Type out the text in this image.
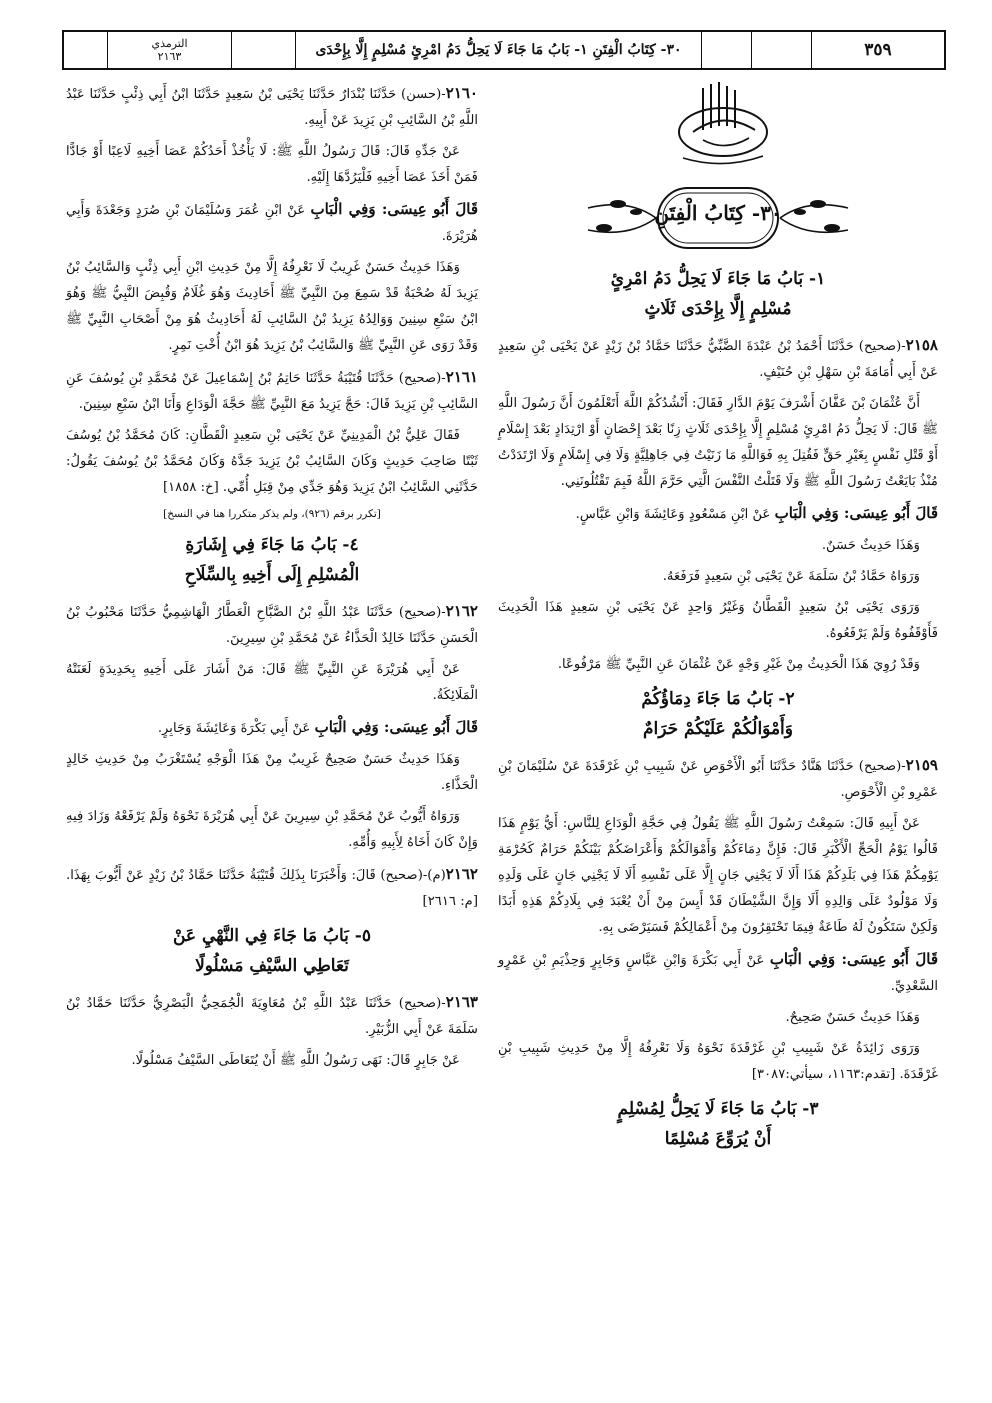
الترمذي
٢١٦٣	٣٠- كِتَابُ الْفِتَنِ ١- بَابُ مَا جَاءَ لَا يَحِلُّ دَمُ امْرِئٍ مُسْلِمٍ إِلَّا بِإِحْدَى	٣٥٩
٣٠- كِتَابُ الْفِتَنِ
١- بَابُ مَا جَاءَ لَا يَحِلُّ دَمُ امْرِئٍ
مُسْلِمٍ إِلَّا بِإِحْدَى ثَلَاثٍ

٢١٥٨-(صحيح) حَدَّثَنَا أَحْمَدُ بْنُ عَبْدَةَ الضَّبِّيُّ حَدَّثَنَا حَمَّادُ بْنُ زَيْدٍ عَنْ يَحْيَى بْنِ سَعِيدٍ عَنْ أَبِي أُمَامَةَ بْنِ سَهْلِ بْنِ حُنَيْفٍ.

أَنَّ عُثْمَانَ بْنَ عَفَّانَ أَشْرَفَ يَوْمَ الدَّارِ فَقَالَ: أَنْشُدُكُمْ اللَّهَ أَتَعْلَمُونَ أَنَّ رَسُولَ اللَّهِ ﷺ قَالَ: لَا يَحِلُّ دَمُ امْرِئٍ مُسْلِمٍ إِلَّا بِإِحْدَى ثَلَاثٍ زِنًا بَعْدَ إِحْصَانٍ أَوْ ارْتِدَادٍ بَعْدَ إِسْلَامٍ أَوْ قَتْلِ نَفْسٍ بِغَيْرِ حَقٍّ فَقُتِلَ بِهِ فَوَاللَّهِ مَا زَنَيْتُ فِي جَاهِلِيَّةٍ وَلَا فِي إِسْلَامٍ وَلَا ارْتَدَدْتُ مُنْذُ بَايَعْتُ رَسُولَ اللَّهِ ﷺ وَلَا قَتَلْتُ النَّفْسَ الَّتِي حَرَّمَ اللَّهُ فَبِمَ تَقْتُلُونَنِي.

قَالَ أَبُو عِيسَى: وَفِي الْبَابِ عَنْ ابْنِ مَسْعُودٍ وَعَائِشَةَ وَابْنِ عَبَّاسٍ.

وَهَذَا حَدِيثٌ حَسَنٌ.

وَرَوَاهُ حَمَّادُ بْنُ سَلَمَةَ عَنْ يَحْيَى بْنِ سَعِيدٍ فَرَفَعَهُ.

وَرَوَى يَحْيَى بْنُ سَعِيدٍ الْقَطَّانُ وَغَيْرُ وَاحِدٍ عَنْ يَحْيَى بْنِ سَعِيدٍ هَذَا الْحَدِيثَ فَأَوْقَفُوهُ وَلَمْ يَرْفَعُوهُ.

وَقَدْ رُوِيَ هَذَا الْحَدِيثُ مِنْ غَيْرِ وَجْهٍ عَنْ عُثْمَانَ عَنِ النَّبِيِّ ﷺ مَرْفُوعًا.

٢- بَابُ مَا جَاءَ دِمَاؤُكُمْ
وَأَمْوَالُكُمْ عَلَيْكُمْ حَرَامٌ

٢١٥٩-(صحيح) حَدَّثَنَا هَنَّادٌ حَدَّثَنَا أَبُو الْأَحْوَصِ عَنْ شَبِيبِ بْنِ غَرْقَدَةَ عَنْ سُلَيْمَانَ بْنِ عَمْرِو بْنِ الْأَحْوَصِ.

عَنْ أَبِيهِ قَالَ: سَمِعْتُ رَسُولَ اللَّهِ ﷺ يَقُولُ فِي حَجَّةِ الْوَدَاعِ لِلنَّاسِ: أَيُّ يَوْمٍ هَذَا قَالُوا يَوْمُ الْحَجِّ الْأَكْبَرِ قَالَ: فَإِنَّ دِمَاءَكُمْ وَأَمْوَالَكُمْ وَأَعْرَاضَكُمْ بَيْنَكُمْ حَرَامٌ كَحُرْمَةِ يَوْمِكُمْ هَذَا فِي بَلَدِكُمْ هَذَا أَلَا لَا يَجْنِي جَانٍ إِلَّا عَلَى نَفْسِهِ أَلَا لَا يَجْنِي جَانٍ عَلَى وَلَدِهِ وَلَا مَوْلُودٌ عَلَى وَالِدِهِ أَلَا وَإِنَّ الشَّيْطَانَ قَدْ أَيِسَ مِنْ أَنْ يُعْبَدَ فِي بِلَادِكُمْ هَذِهِ أَبَدًا وَلَكِنْ سَتَكُونُ لَهُ طَاعَةٌ فِيمَا تَحْتَقِرُونَ مِنْ أَعْمَالِكُمْ فَسَيَرْضَى بِهِ.

قَالَ أَبُو عِيسَى: وَفِي الْبَابِ عَنْ أَبِي بَكْرَةَ وَابْنِ عَبَّاسٍ وَجَابِرٍ وَحِذْيَمِ بْنِ عَمْرٍو السَّعْدِيِّ.

وَهَذَا حَدِيثٌ حَسَنٌ صَحِيحٌ.

وَرَوَى زَائِدَةُ عَنْ شَبِيبِ بْنِ غَرْقَدَةَ نَحْوَهُ وَلَا نَعْرِفُهُ إِلَّا مِنْ حَدِيثِ شَبِيبِ بْنِ غَرْقَدَةَ. [تقدم:١١٦٣، سيأتي:٣٠٨٧]

٣- بَابُ مَا جَاءَ لَا يَحِلُّ لِمُسْلِمٍ
أَنْ يُرَوِّعَ مُسْلِمًا

٢١٦٠-(حسن) حَدَّثَنَا بُنْدَارٌ حَدَّثَنَا يَحْيَى بْنُ سَعِيدٍ حَدَّثَنَا ابْنُ أَبِي ذِئْبٍ حَدَّثَنَا عَبْدُ اللَّهِ بْنُ السَّائِبِ بْنِ يَزِيدَ عَنْ أَبِيهِ.

عَنْ جَدِّهِ قَالَ: قَالَ رَسُولُ اللَّهِ ﷺ: لَا يَأْخُذْ أَحَدُكُمْ عَصَا أَخِيهِ لَاعِبًا أَوْ جَادًّا فَمَنْ أَخَذَ عَصَا أَخِيهِ فَلْيَرُدَّهَا إِلَيْهِ.

قَالَ أَبُو عِيسَى: وَفِي الْبَابِ عَنْ ابْنِ عُمَرَ وَسُلَيْمَانَ بْنِ صُرَدٍ وَجَعْدَةَ وَأَبِي هُرَيْرَةَ.

وَهَذَا حَدِيثٌ حَسَنٌ غَرِيبٌ لَا نَعْرِفُهُ إِلَّا مِنْ حَدِيثِ ابْنِ أَبِي ذِئْبٍ وَالسَّائِبُ بْنُ يَزِيدَ لَهُ صُحْبَةٌ قَدْ سَمِعَ مِنَ النَّبِيِّ ﷺ أَحَادِيثَ وَهُوَ غُلَامٌ وَقُبِضَ النَّبِيُّ ﷺ وَهُوَ ابْنُ سَبْعِ سِنِينَ وَوَالِدُهُ يَزِيدُ بْنُ السَّائِبِ لَهُ أَحَادِيثُ هُوَ مِنْ أَصْحَابِ النَّبِيِّ ﷺ وَقَدْ رَوَى عَنِ النَّبِيِّ ﷺ وَالسَّائِبُ بْنُ يَزِيدَ هُوَ ابْنُ أُخْتِ نَمِرٍ.

٢١٦١-(صحيح) حَدَّثَنَا قُتَيْبَةُ حَدَّثَنَا حَاتِمُ بْنُ إِسْمَاعِيلَ عَنْ مُحَمَّدِ بْنِ يُوسُفَ عَنِ السَّائِبِ بْنِ يَزِيدَ قَالَ: حَجَّ يَزِيدُ مَعَ النَّبِيِّ ﷺ حَجَّةَ الْوَدَاعِ وَأَنَا ابْنُ سَبْعِ سِنِينَ.

فَقَالَ عَلِيُّ بْنُ الْمَدِينِيِّ عَنْ يَحْيَى بْنِ سَعِيدٍ الْقَطَّانِ: كَانَ مُحَمَّدُ بْنُ يُوسُفَ ثَبْتًا صَاحِبَ حَدِيثٍ وَكَانَ السَّائِبُ بْنُ يَزِيدَ جَدَّهُ وَكَانَ مُحَمَّدُ بْنُ يُوسُفَ يَقُولُ: حَدَّثَنِي السَّائِبُ ابْنُ يَزِيدَ وَهُوَ جَدِّي مِنْ قِبَلِ أُمِّي. [خ: ١٨٥٨]

[تكرر برقم (٩٢٦)، ولم يذكر متكررا هنا في النسخ]
٤- بَابُ مَا جَاءَ فِي إِشَارَةِ
الْمُسْلِمِ إِلَى أَخِيهِ بِالسِّلَاحِ

٢١٦٢-(صحيح) حَدَّثَنَا عَبْدُ اللَّهِ بْنُ الصَّبَّاحِ الْعَطَّارُ الْهَاشِمِيُّ حَدَّثَنَا مَحْبُوبُ بْنُ الْحَسَنِ حَدَّثَنَا خَالِدٌ الْحَذَّاءُ عَنْ مُحَمَّدِ بْنِ سِيرِينَ.

عَنْ أَبِي هُرَيْرَةَ عَنِ النَّبِيِّ ﷺ قَالَ: مَنْ أَشَارَ عَلَى أَخِيهِ بِحَدِيدَةٍ لَعَنَتْهُ الْمَلَائِكَةُ.

قَالَ أَبُو عِيسَى: وَفِي الْبَابِ عَنْ أَبِي بَكْرَةَ وَعَائِشَةَ وَجَابِرٍ.

وَهَذَا حَدِيثٌ حَسَنٌ صَحِيحٌ غَرِيبٌ مِنْ هَذَا الْوَجْهِ يُسْتَغْرَبُ مِنْ حَدِيثِ خَالِدٍ الْحَذَّاءِ.

وَرَوَاهُ أَيُّوبُ عَنْ مُحَمَّدِ بْنِ سِيرِينَ عَنْ أَبِي هُرَيْرَةَ نَحْوَهُ وَلَمْ يَرْفَعْهُ وَزَادَ فِيهِ وَإِنْ كَانَ أَخَاهُ لِأَبِيهِ وَأُمِّهِ.

٢١٦٢(م)-(صحيح) قَالَ: وَأَخْبَرَنَا بِذَلِكَ قُتَيْبَةُ حَدَّثَنَا حَمَّادُ بْنُ زَيْدٍ عَنْ أَيُّوبَ بِهَذَا. [م: ٢٦١٦]

٥- بَابُ مَا جَاءَ فِي النَّهْيِ عَنْ
تَعَاطِي السَّيْفِ مَسْلُولًا

٢١٦٣-(صحيح) حَدَّثَنَا عَبْدُ اللَّهِ بْنُ مُعَاوِيَةَ الْجُمَحِيُّ الْبَصْرِيُّ حَدَّثَنَا حَمَّادُ بْنُ سَلَمَةَ عَنْ أَبِي الزُّبَيْرِ.

عَنْ جَابِرٍ قَالَ: نَهَى رَسُولُ اللَّهِ ﷺ أَنْ يُتَعَاطَى السَّيْفُ مَسْلُولًا.
